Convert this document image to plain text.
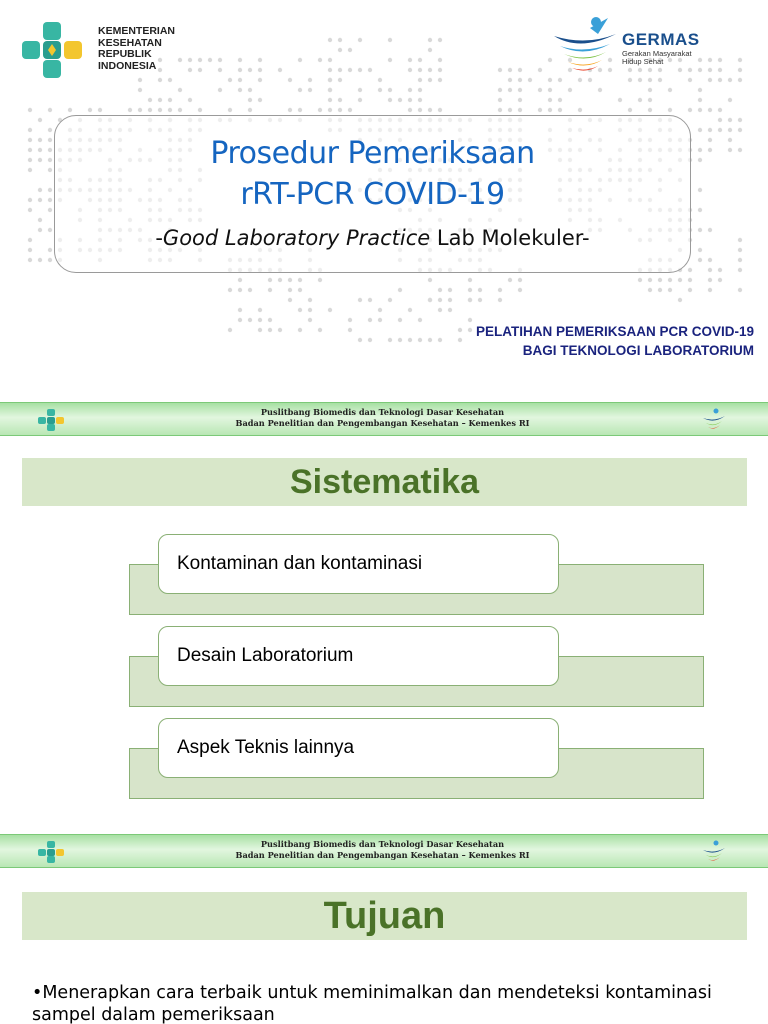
KEMENTERIAN
KESEHATAN
REPUBLIK
INDONESIA
GERMAS
Gerakan Masyarakat
Hidup Sehat
Prosedur Pemeriksaan
rRT-PCR COVID-19
-Good Laboratory Practice Lab Molekuler-
PELATIHAN PEMERIKSAAN PCR COVID-19
BAGI TEKNOLOGI LABORATORIUM
Puslitbang Biomedis dan Teknologi Dasar Kesehatan
Badan Penelitian dan Pengembangan Kesehatan – Kemenkes RI
Sistematika
Kontaminan dan kontaminasi
Desain Laboratorium
Aspek Teknis lainnya
Puslitbang Biomedis dan Teknologi Dasar Kesehatan
Badan Penelitian dan Pengembangan Kesehatan – Kemenkes RI
Tujuan
•Menerapkan cara terbaik untuk meminimalkan dan mendeteksi kontaminasi sampel dalam pemeriksaan
